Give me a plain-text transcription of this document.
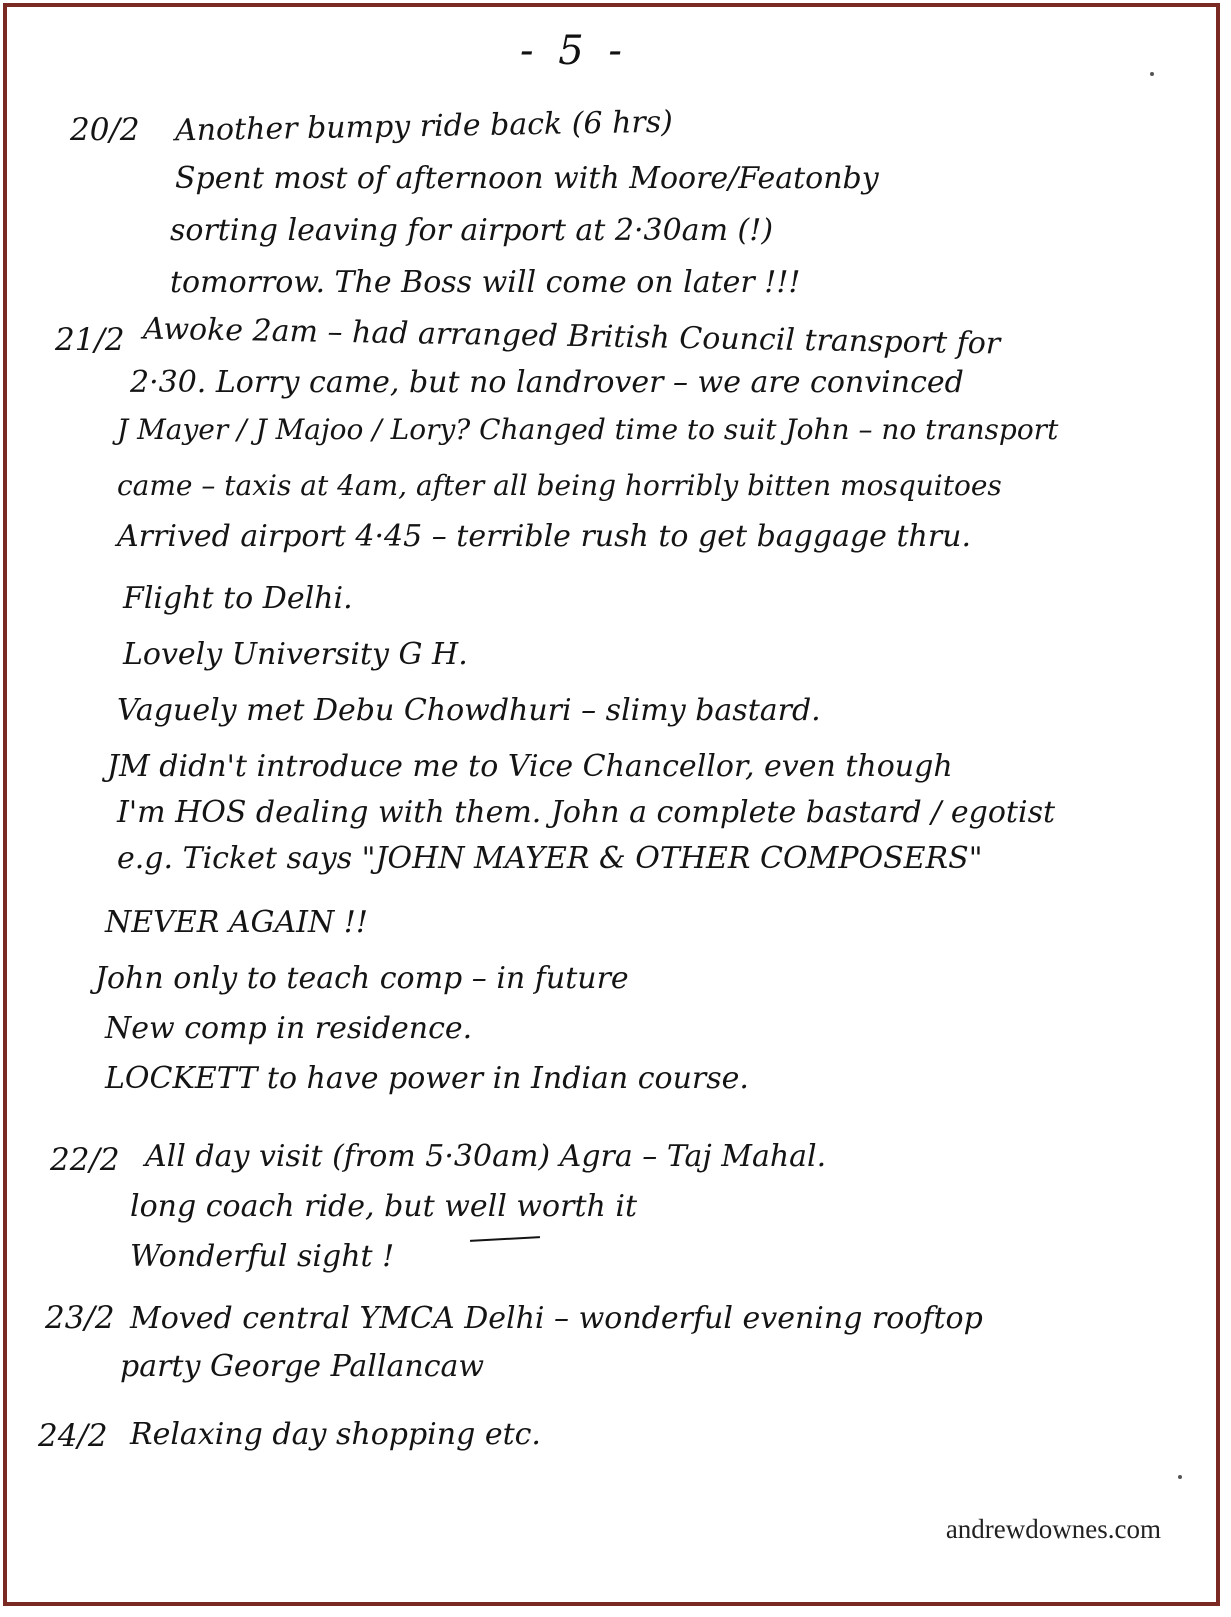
- 5 -
20/2 Another bumpy ride back (6 hrs)
Spent most of afternoon with Moore/Featonby
sorting leaving for airport at 2·30am (!)
tomorrow. The Boss will come on later !!!
21/2 Awoke 2am – had arranged British Council transport for
2·30. Lorry came, but no landrover – we are convinced
J Mayer / J Majoo / Lory? Changed time to suit John – no transport
came – taxis at 4am, after all being horribly bitten mosquitoes
Arrived airport 4·45 – terrible rush to get baggage thru.
Flight to Delhi.
Lovely University G H.
Vaguely met Debu Chowdhuri – slimy bastard.
JM didn't introduce me to Vice Chancellor, even though
I'm HOS dealing with them. John a complete bastard / egotist
e.g. Ticket says "JOHN MAYER & OTHER COMPOSERS"
NEVER AGAIN !!
John only to teach comp – in future
New comp in residence.
LOCKETT to have power in Indian course.
22/2 All day visit (from 5·30am) Agra – Taj Mahal.
long coach ride, but well worth it
Wonderful sight !
23/2 Moved central YMCA Delhi – wonderful evening rooftop
party George Pallancaw
24/2 Relaxing day shopping etc.
andrewdownes.com
